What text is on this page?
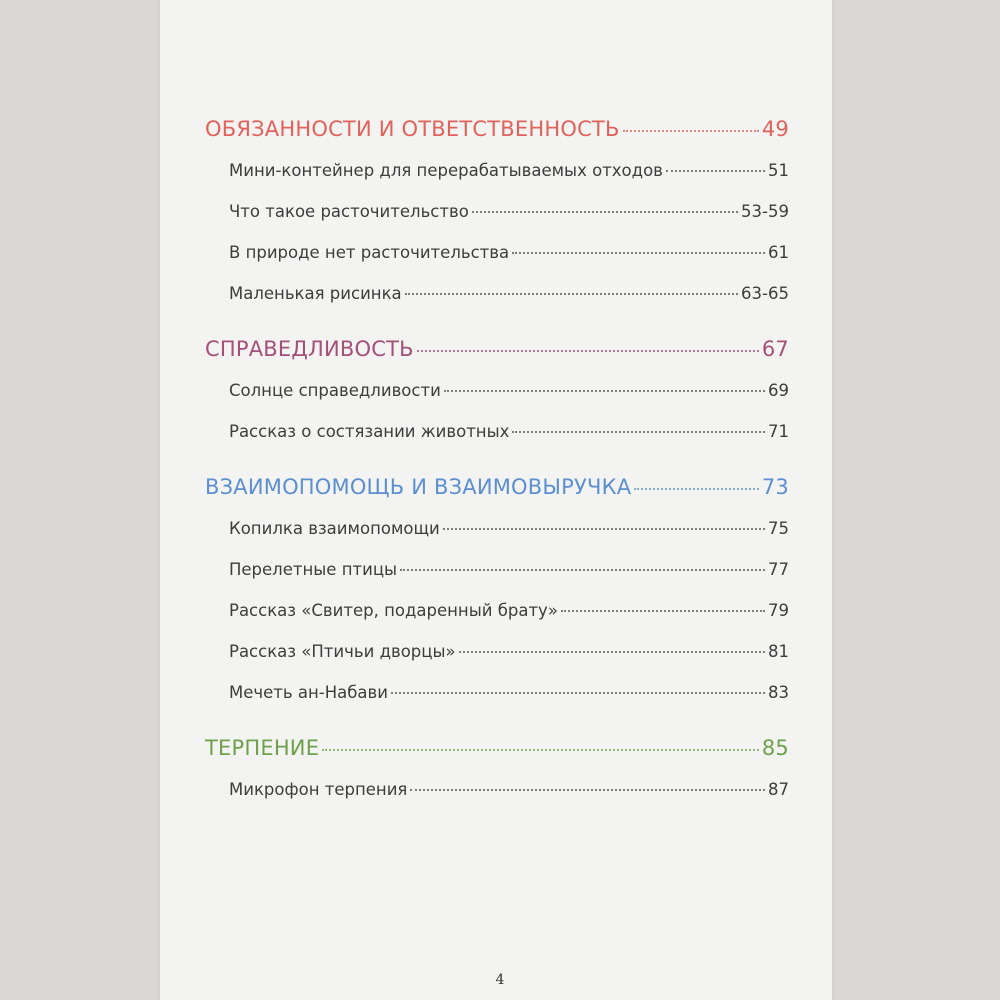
ОБЯЗАННОСТИ И ОТВЕТСТВЕННОСТЬ	49
Мини-контейнер для перерабатываемых отходов	51
Что такое расточительство	53-59
В природе нет расточительства	61
Маленькая рисинка	63-65
СПРАВЕДЛИВОСТЬ	67
Солнце справедливости	69
Рассказ о состязании животных	71
ВЗАИМОПОМОЩЬ И ВЗАИМОВЫРУЧКА	73
Копилка взаимопомощи	75
Перелетные птицы	77
Рассказ «Свитер, подаренный брату»	79
Рассказ «Птичьи дворцы»	81
Мечеть ан-Набави	83
ТЕРПЕНИЕ	85
Микрофон терпения	87
4
